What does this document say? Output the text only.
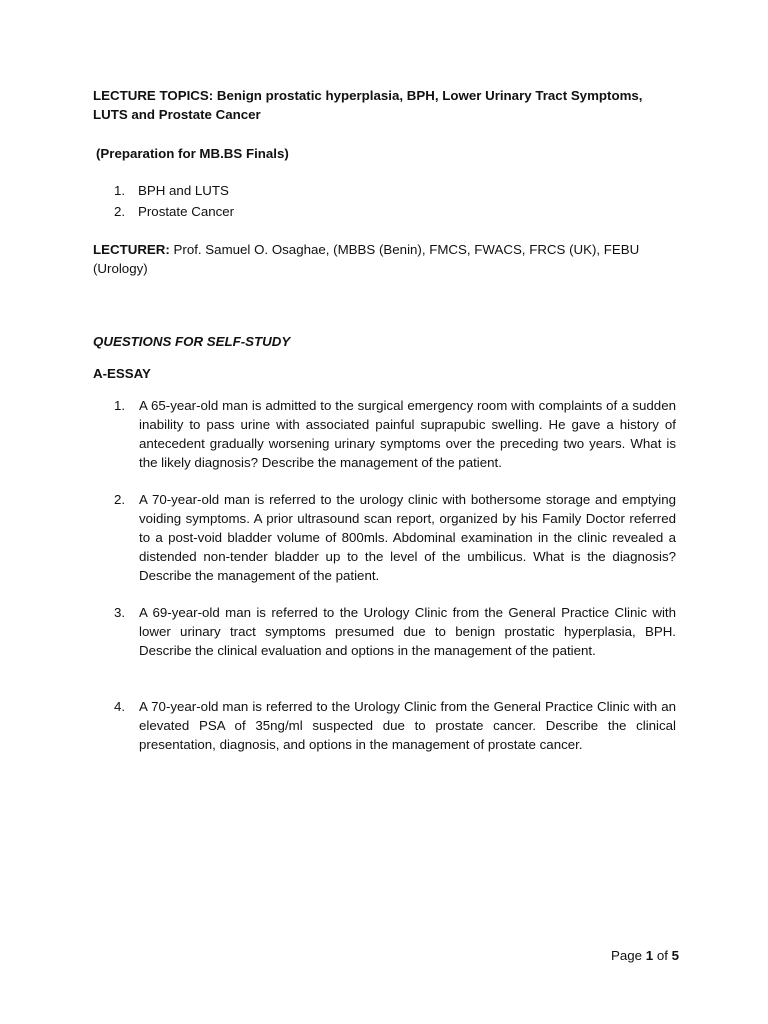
LECTURE TOPICS: Benign prostatic hyperplasia, BPH, Lower Urinary Tract Symptoms, LUTS and Prostate Cancer

(Preparation for MB.BS Finals)

1. BPH and LUTS
2. Prostate Cancer

LECTURER: Prof. Samuel O. Osaghae, (MBBS (Benin), FMCS, FWACS, FRCS (UK), FEBU (Urology)

QUESTIONS FOR SELF-STUDY

A-ESSAY

1.	A 65-year-old man is admitted to the surgical emergency room with complaints of a sudden inability to pass urine with associated painful suprapubic swelling. He gave a history of antecedent gradually worsening urinary symptoms over the preceding two years. What is the likely diagnosis? Describe the management of the patient.
2.	A 70-year-old man is referred to the urology clinic with bothersome storage and emptying voiding symptoms. A prior ultrasound scan report, organized by his Family Doctor referred to a post-void bladder volume of 800mls. Abdominal examination in the clinic revealed a distended non-tender bladder up to the level of the umbilicus. What is the diagnosis? Describe the management of the patient.
3.	A 69-year-old man is referred to the Urology Clinic from the General Practice Clinic with lower urinary tract symptoms presumed due to benign prostatic hyperplasia, BPH. Describe the clinical evaluation and options in the management of the patient.
4.	A 70-year-old man is referred to the Urology Clinic from the General Practice Clinic with an elevated PSA of 35ng/ml suspected due to prostate cancer. Describe the clinical presentation, diagnosis, and options in the management of prostate cancer.
Page 1 of 5
